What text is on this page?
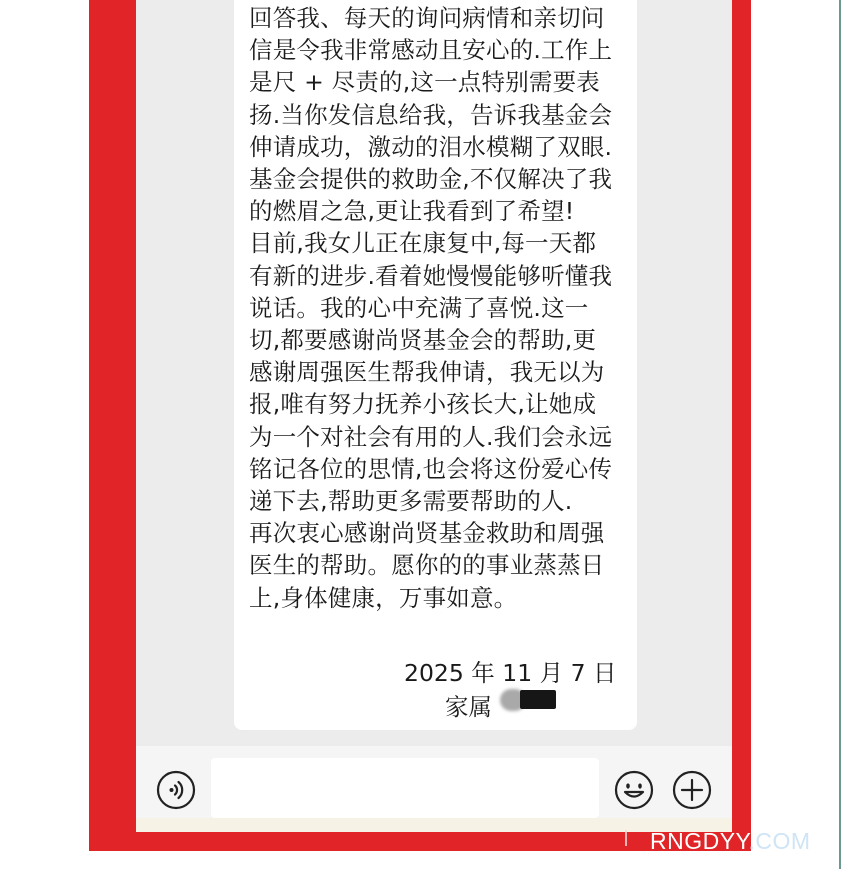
回答我、每天的询问病情和亲切问
信是令我非常感动且安心的.工作上
是尺 + 尽责的,这一点特别需要表
扬.当你发信息给我，告诉我基金会
伸请成功，激动的泪水模糊了双眼.
基金会提供的救助金,不仅解决了我
的燃眉之急,更让我看到了希望!
目前,我女儿正在康复中,每一天都
有新的进步.看着她慢慢能够听懂我
说话。我的心中充满了喜悦.这一
切,都要感谢尚贤基金会的帮助,更
感谢周强医生帮我伸请，我无以为
报,唯有努力抚养小孩长大,让她成
为一个对社会有用的人.我们会永远
铭记各位的思情,也会将这份爱心传
递下去,帮助更多需要帮助的人.
再次衷心感谢尚贤基金救助和周强
医生的帮助。愿你的的事业蒸蒸日
上,身体健康，万事如意。
2025 年 11 月 7 日
家属
RNGDYY.COM
